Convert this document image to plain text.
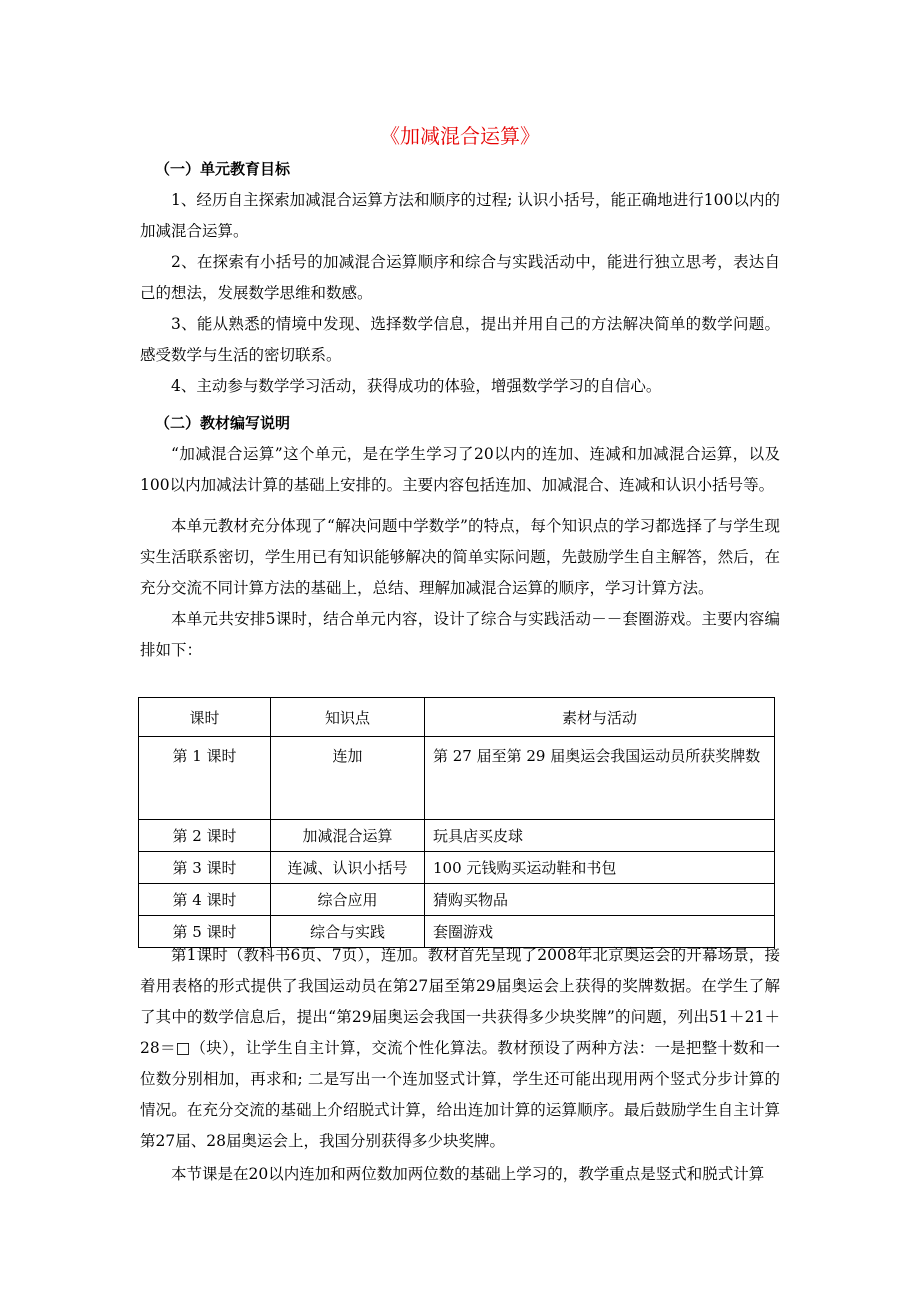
《加减混合运算》

（一）单元教育目标

1、经历自主探索加减混合运算方法和顺序的过程; 认识小括号，能正确地进行100以内的加减混合运算。

2、在探索有小括号的加减混合运算顺序和综合与实践活动中，能进行独立思考，表达自己的想法，发展数学思维和数感。

3、能从熟悉的情境中发现、选择数学信息，提出并用自己的方法解决简单的数学问题。感受数学与生活的密切联系。

4、主动参与数学学习活动，获得成功的体验，增强数学学习的自信心。

（二）教材编写说明

“加减混合运算”这个单元，是在学生学习了20以内的连加、连减和加减混合运算，以及100以内加减法计算的基础上安排的。主要内容包括连加、加减混合、连减和认识小括号等。

本单元教材充分体现了“解决问题中学数学”的特点，每个知识点的学习都选择了与学生现实生活联系密切，学生用已有知识能够解决的简单实际问题，先鼓励学生自主解答，然后，在充分交流不同计算方法的基础上，总结、理解加减混合运算的顺序，学习计算方法。

本单元共安排5课时，结合单元内容，设计了综合与实践活动－－套圈游戏。主要内容编排如下：

课时	知识点	素材与活动
第 1 课时	连加	第 27 届至第 29 届奥运会我国运动员所获奖牌数
第 2 课时	加减混合运算	玩具店买皮球
第 3 课时	连减、认识小括号	100 元钱购买运动鞋和书包
第 4 课时	综合应用	猜购买物品
第 5 课时	综合与实践	套圈游戏

第1课时（教科书6页、7页），连加。教材首先呈现了2008年北京奥运会的开幕场景，接着用表格的形式提供了我国运动员在第27届至第29届奥运会上获得的奖牌数据。在学生了解了其中的数学信息后，提出“第29届奥运会我国一共获得多少块奖牌”的问题，列出51＋21＋28＝□（块），让学生自主计算，交流个性化算法。教材预设了两种方法：一是把整十数和一位数分别相加，再求和; 二是写出一个连加竖式计算，学生还可能出现用两个竖式分步计算的情况。在充分交流的基础上介绍脱式计算，给出连加计算的运算顺序。最后鼓励学生自主计算第27届、28届奥运会上，我国分别获得多少块奖牌。

本节课是在20以内连加和两位数加两位数的基础上学习的，教学重点是竖式和脱式计算
